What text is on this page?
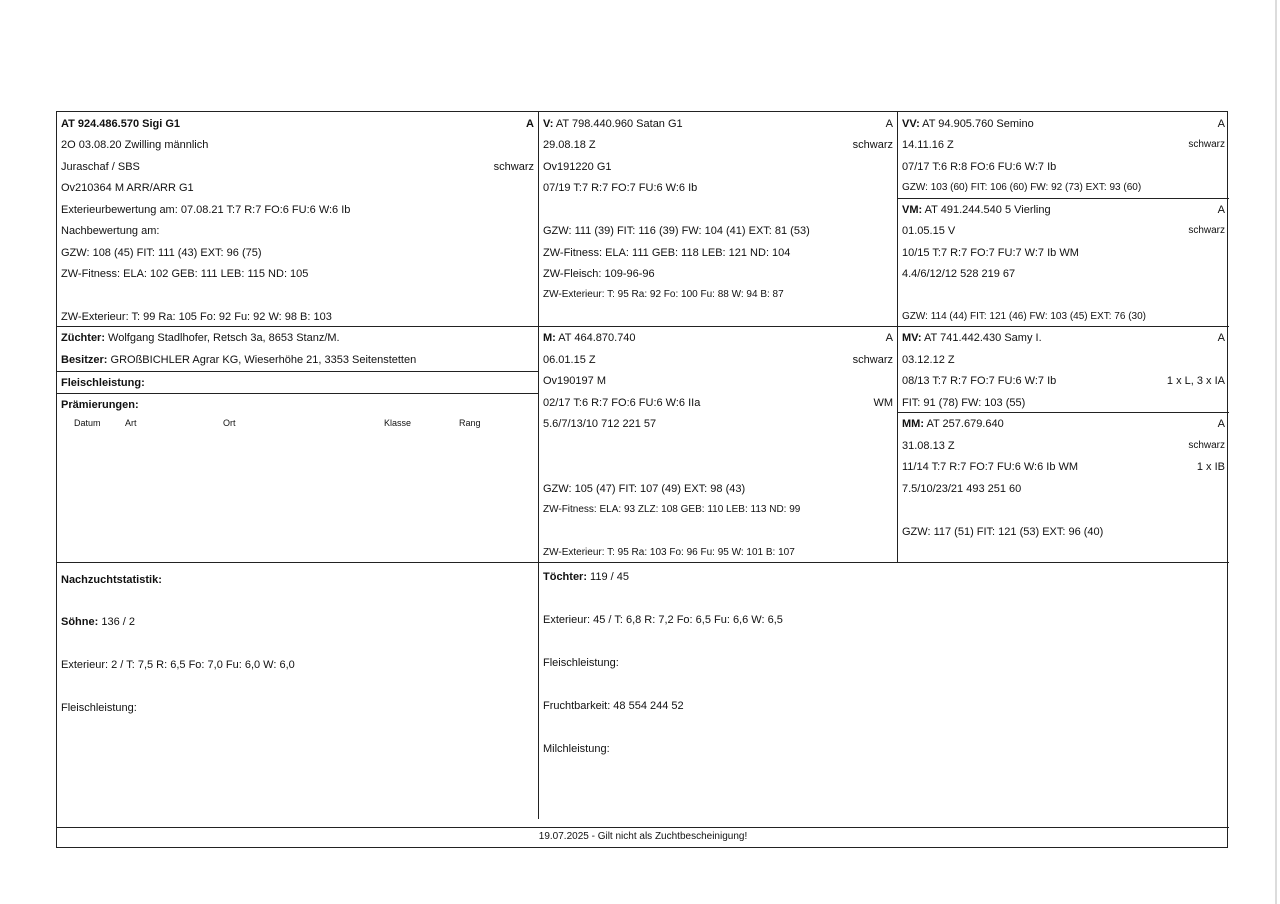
AT 924.486.570 Sigi G1	A
2O 03.08.20 Zwilling männlich
Juraschaf / SBS	schwarz
Ov210364 M ARR/ARR G1
Exterieurbewertung am: 07.08.21 T:7 R:7 FO:6 FU:6 W:6 Ib
Nachbewertung am:
GZW: 108 (45) FIT: 111 (43) EXT: 96 (75)
ZW-Fitness: ELA: 102 GEB: 111 LEB: 115 ND: 105
ZW-Exterieur: T: 99 Ra: 105 Fo: 92 Fu: 92 W: 98 B: 103
V: AT 798.440.960 Satan G1	A
29.08.18 Z	schwarz
Ov191220 G1
07/19 T:7 R:7 FO:7 FU:6 W:6 Ib
GZW: 111 (39) FIT: 116 (39) FW: 104 (41) EXT: 81 (53)
ZW-Fitness: ELA: 111 GEB: 118 LEB: 121 ND: 104
ZW-Fleisch: 109-96-96
ZW-Exterieur: T: 95 Ra: 92 Fo: 100 Fu: 88 W: 94 B: 87
VV: AT 94.905.760 Semino	A
14.11.16 Z	schwarz
07/17 T:6 R:8 FO:6 FU:6 W:7 Ib
GZW: 103 (60) FIT: 106 (60) FW: 92 (73) EXT: 93 (60)
VM: AT 491.244.540 5 Vierling	A
01.05.15 V	schwarz
10/15 T:7 R:7 FO:7 FU:7 W:7 Ib WM
4.4/6/12/12 528 219 67
GZW: 114 (44) FIT: 121 (46) FW: 103 (45) EXT: 76 (30)
Züchter: Wolfgang Stadlhofer, Retsch 3a, 8653 Stanz/M.
Besitzer: GROßBICHLER Agrar KG, Wieserhöhe 21, 3353 Seitenstetten
Fleischleistung:
Prämierungen:
Datum	Art	Ort	Klasse	Rang
M: AT 464.870.740	A
06.01.15 Z	schwarz
Ov190197 M
02/17 T:6 R:7 FO:6 FU:6 W:6 IIa	WM
5.6/7/13/10 712 221 57
GZW: 105 (47) FIT: 107 (49) EXT: 98 (43)
ZW-Fitness: ELA: 93 ZLZ: 108 GEB: 110 LEB: 113 ND: 99
ZW-Exterieur: T: 95 Ra: 103 Fo: 96 Fu: 95 W: 101 B: 107
MV: AT 741.442.430 Samy I.	A
03.12.12 Z
08/13 T:7 R:7 FO:7 FU:6 W:7 Ib	1 x L, 3 x IA
FIT: 91 (78) FW: 103 (55)
MM: AT 257.679.640	A
31.08.13 Z	schwarz
11/14 T:7 R:7 FO:7 FU:6 W:6 Ib WM	1 x IB
7.5/10/23/21 493 251 60
GZW: 117 (51) FIT: 121 (53) EXT: 96 (40)
Nachzuchtstatistik:
Söhne: 136 / 2
Exterieur: 2 / T: 7,5 R: 6,5 Fo: 7,0 Fu: 6,0 W: 6,0
Fleischleistung:
Töchter: 119 / 45
Exterieur: 45 / T: 6,8 R: 7,2 Fo: 6,5 Fu: 6,6 W: 6,5
Fleischleistung:
Fruchtbarkeit: 48 554 244 52
Milchleistung:
19.07.2025 - Gilt nicht als Zuchtbescheinigung!
